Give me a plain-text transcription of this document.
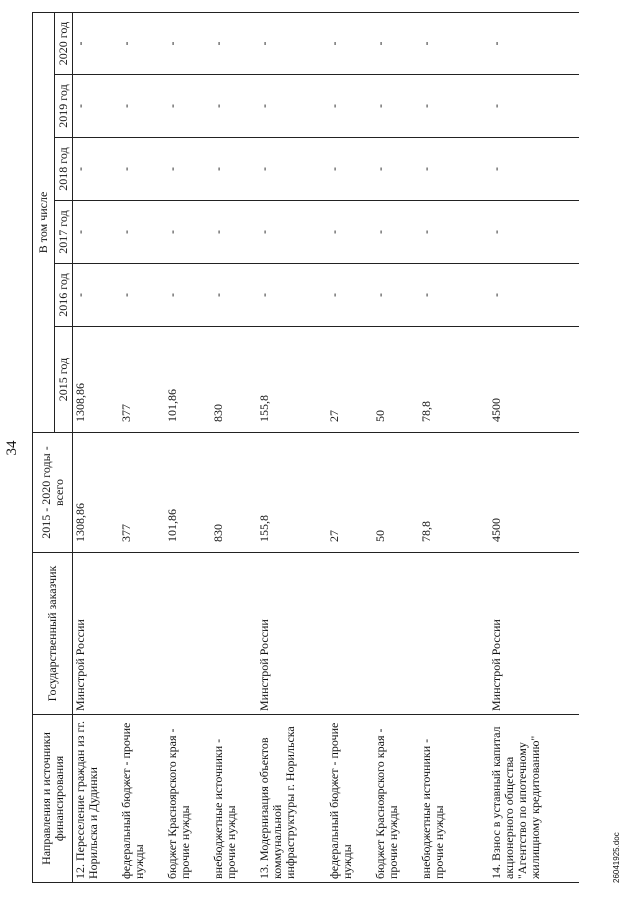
34
Направления и источники финансирования	Государственный заказчик	2015 - 2020 годы - всего	В том числе					
			2015 год	2016 год	2017 год	2018 год	2019 год	2020 год
12. Переселение граждан из гг. Норильска и Дудинки	Минстрой России	1308,86	1308,86	-	-	-	-	-
федеральный бюджет - прочие нужды		377	377	-	-	-	-	-
бюджет Красноярского края - прочие нужды		101,86	101,86	-	-	-	-	-
внебюджетные источники - прочие нужды		830	830	-	-	-	-	-
13. Модернизация объектов коммунальной инфраструктуры г. Норильска	Минстрой России	155,8	155,8	-	-	-	-	-
федеральный бюджет - прочие нужды		27	27	-	-	-	-	-
бюджет Красноярского края - прочие нужды		50	50	-	-	-	-	-
внебюджетные источники - прочие нужды		78,8	78,8	-	-	-	-	-
14. Взнос в уставный капитал акционерного общества "Агентство по ипотечному жилищному кредитованию"	Минстрой России	4500	4500	-	-	-	-	-
26041925.doc
